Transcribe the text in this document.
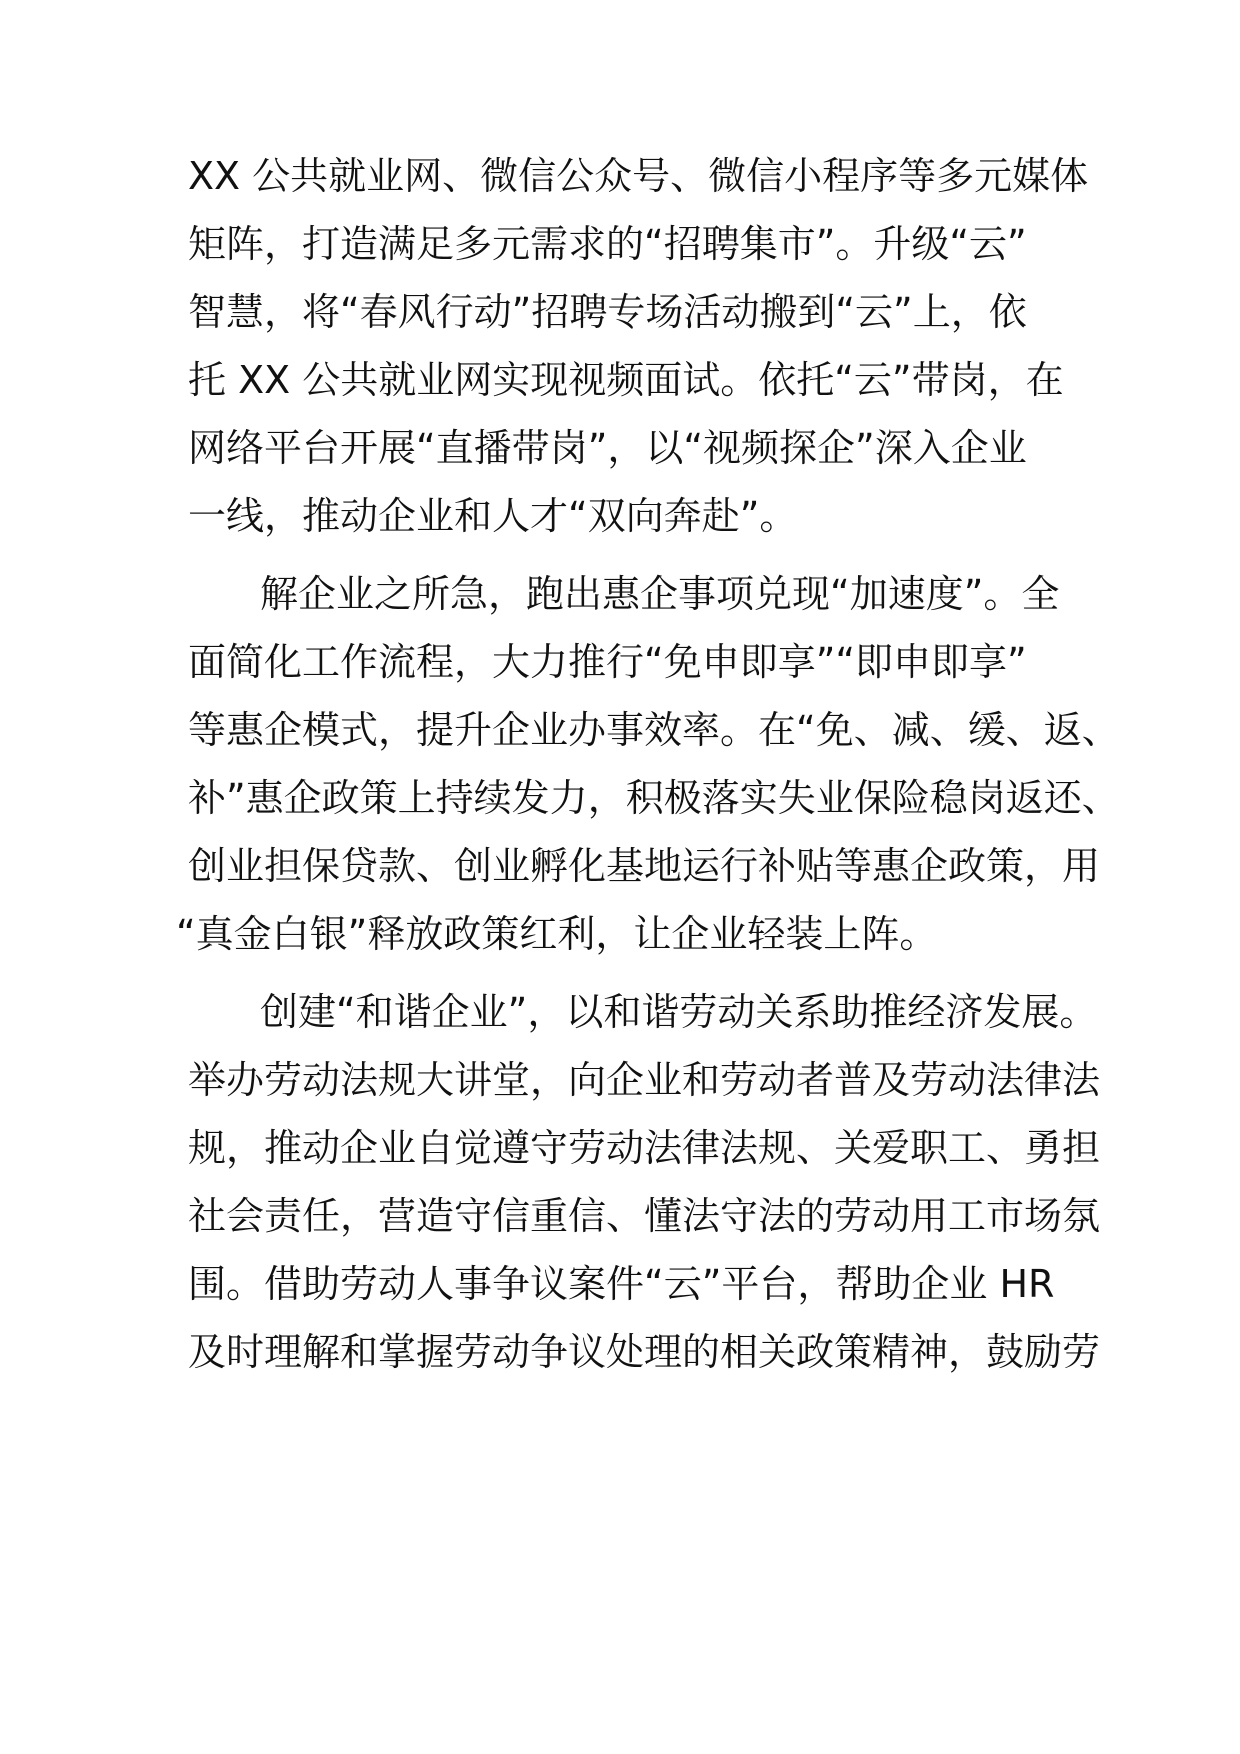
XX 公共就业网、微信公众号、微信小程序等多元媒体
矩阵，打造满足多元需求的“招聘集市”。升级“云”
智慧，将“春风行动”招聘专场活动搬到“云”上，依
托 XX 公共就业网实现视频面试。依托“云”带岗，在
网络平台开展“直播带岗”，以“视频探企”深入企业
一线，推动企业和人才“双向奔赴”。
解企业之所急，跑出惠企事项兑现“加速度”。全
面简化工作流程，大力推行“免申即享”“即申即享”
等惠企模式，提升企业办事效率。在“免、减、缓、返、
补”惠企政策上持续发力，积极落实失业保险稳岗返还、
创业担保贷款、创业孵化基地运行补贴等惠企政策，用
“真金白银”释放政策红利，让企业轻装上阵。
创建“和谐企业”，以和谐劳动关系助推经济发展。
举办劳动法规大讲堂，向企业和劳动者普及劳动法律法
规，推动企业自觉遵守劳动法律法规、关爱职工、勇担
社会责任，营造守信重信、懂法守法的劳动用工市场氛
围。借助劳动人事争议案件“云”平台，帮助企业 HR
及时理解和掌握劳动争议处理的相关政策精神，鼓励劳
